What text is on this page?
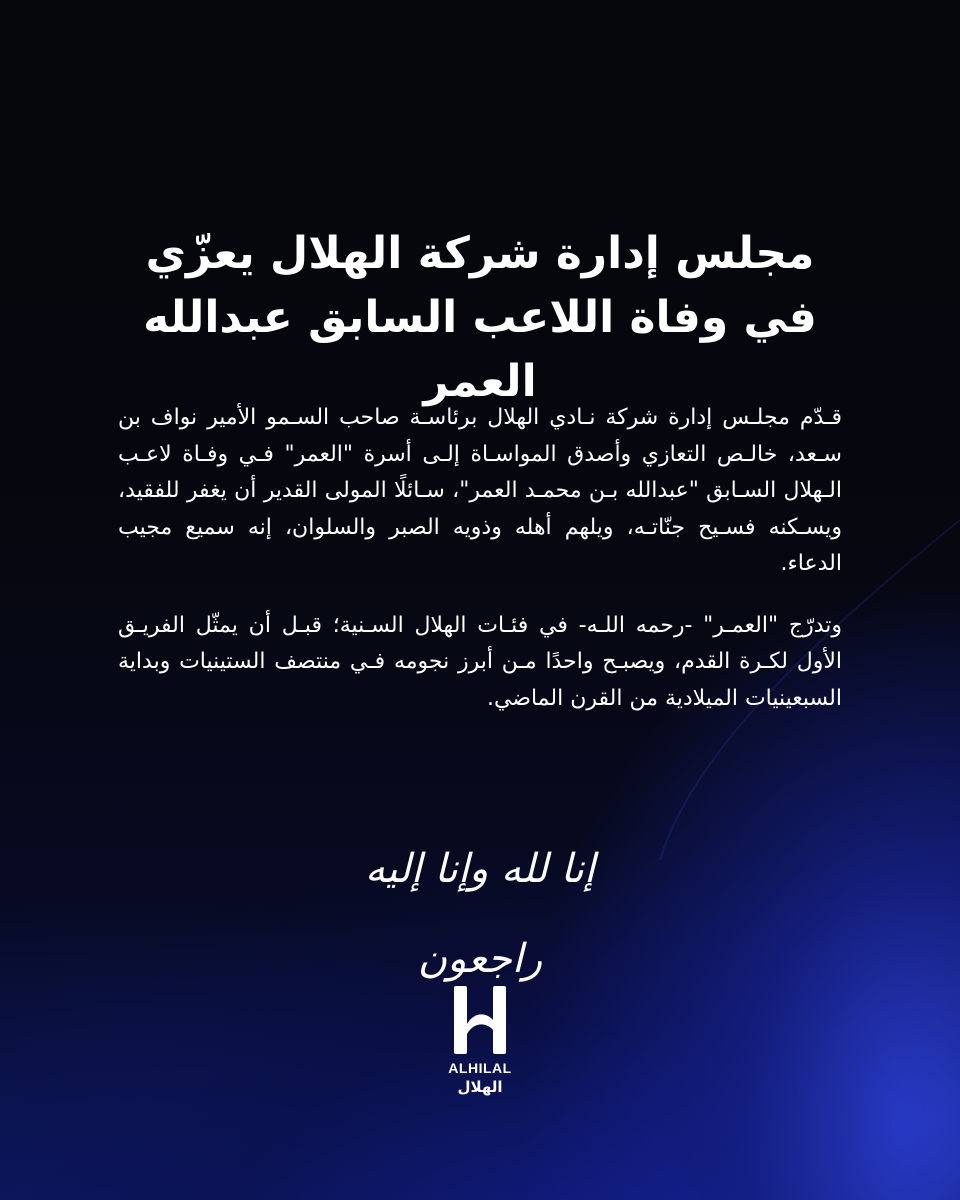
مجلس إدارة شركة الهلال يعزّي
في وفاة اللاعب السابق عبدالله العمر

قـدّم مجلـس إدارة شركة نـادي الهلال برئاسـة صاحب السـمو الأمير نواف بن سـعد، خالـص التعازي وأصدق المواسـاة إلـى أسرة "العمر" فـي وفـاة لاعـب الـهلال السـابق "عبدالله بـن محمـد العمر"، سـائلًا المولى القدير أن يغفر للفقيد، ويسـكنه فسـيح جنّاتـه، ويلهم أهله وذويه الصبر والسلوان، إنه سميع مجيب الدعاء.

وتدرّج "العمـر" -رحمه اللـه- في فئـات الهلال السـنية؛ قبـل أن يمثّل الفريـق الأول لكـرة القدم، ويصبـح واحدًا مـن أبرز نجومه فـي منتصف الستينيات وبداية السبعينيات الميلادية من القرن الماضي.

إنا لله وإنا إليه راجعون
ALHILAL
الهلال
